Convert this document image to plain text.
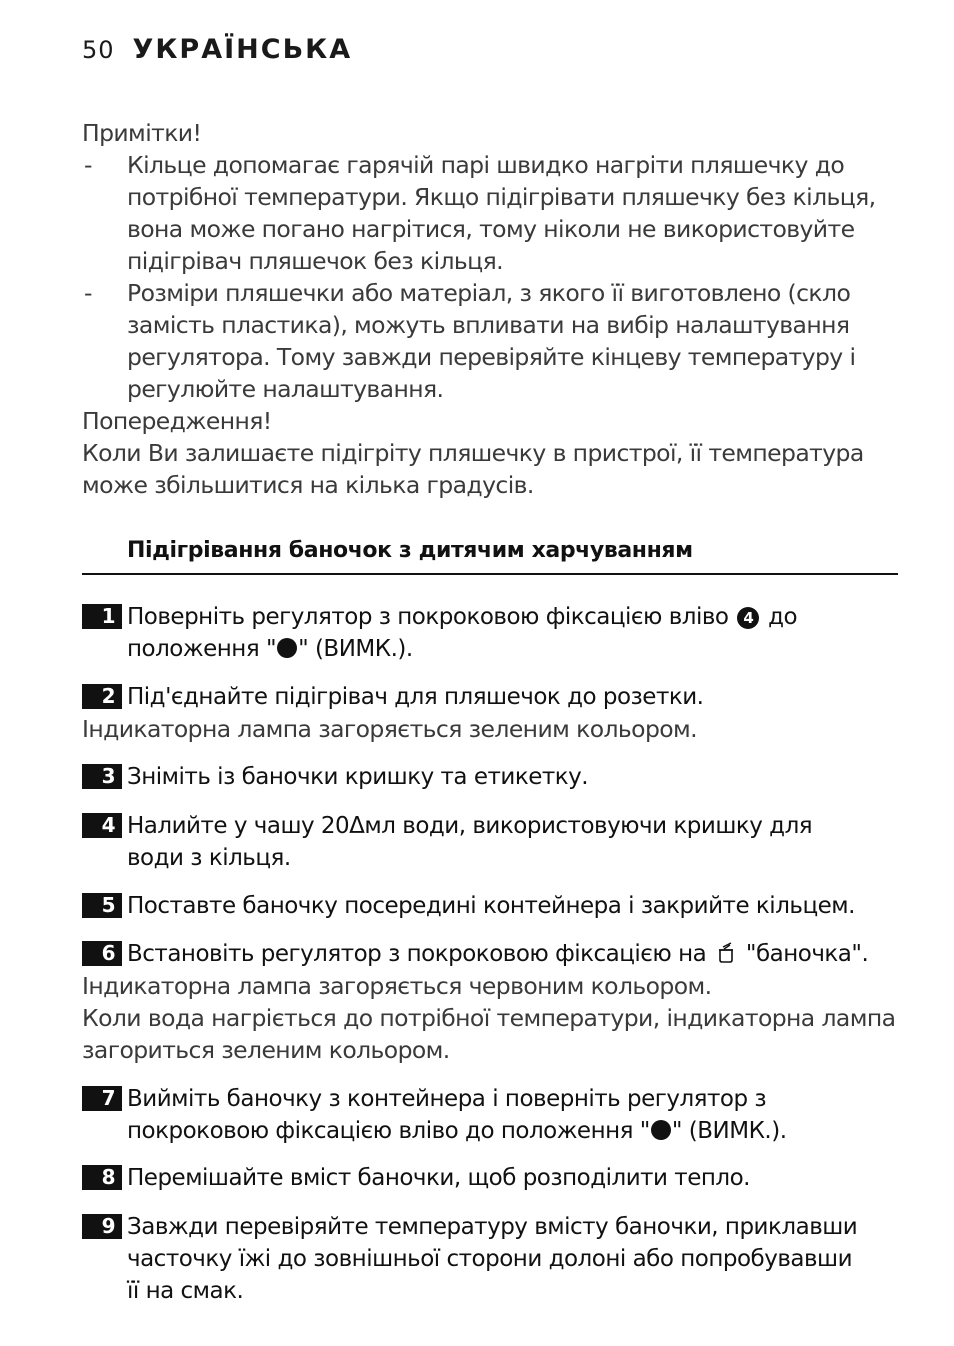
50 УКРАЇНСЬКА
Примітки!
- Кільце допомагає гарячій парі швидко нагріти пляшечку до
потрібної температури. Якщо підігрівати пляшечку без кільця,
вона може погано нагрітися, тому ніколи не використовуйте
підігрівач пляшечок без кільця.
- Розміри пляшечки або матеріал, з якого її виготовлено (скло
замість пластика), можуть впливати на вибір налаштування
регулятора. Тому завжди перевіряйте кінцеву температуру і
регулюйте налаштування.
Попередження!
Коли Ви залишаєте підігріту пляшечку в пристрої, її температура
може збільшитися на кілька градусів.
Підігрівання баночок з дитячим харчуванням
1 Поверніть регулятор з покроковою фіксацією вліво 4 до
положення " " (ВИМК.).
2 Під'єднайте підігрівач для пляшечок до розетки.
Індикаторна лампа загоряється зеленим кольором.
3 Зніміть із баночки кришку та етикетку.
4 Налийте у чашу 20Δмл води, використовуючи кришку для
води з кільця.
5 Поставте баночку посередині контейнера і закрийте кільцем.
6 Встановіть регулятор з покроковою фіксацією на "баночка".
Індикаторна лампа загоряється червоним кольором.
Коли вода нагріється до потрібної температури, індикаторна лампа
загориться зеленим кольором.
7 Вийміть баночку з контейнера і поверніть регулятор з
покроковою фіксацією вліво до положення " " (ВИМК.).
8 Перемішайте вміст баночки, щоб розподілити тепло.
9 Завжди перевіряйте температуру вмісту баночки, приклавши
часточку їжі до зовнішньої сторони долоні або попробувавши
її на смак.
